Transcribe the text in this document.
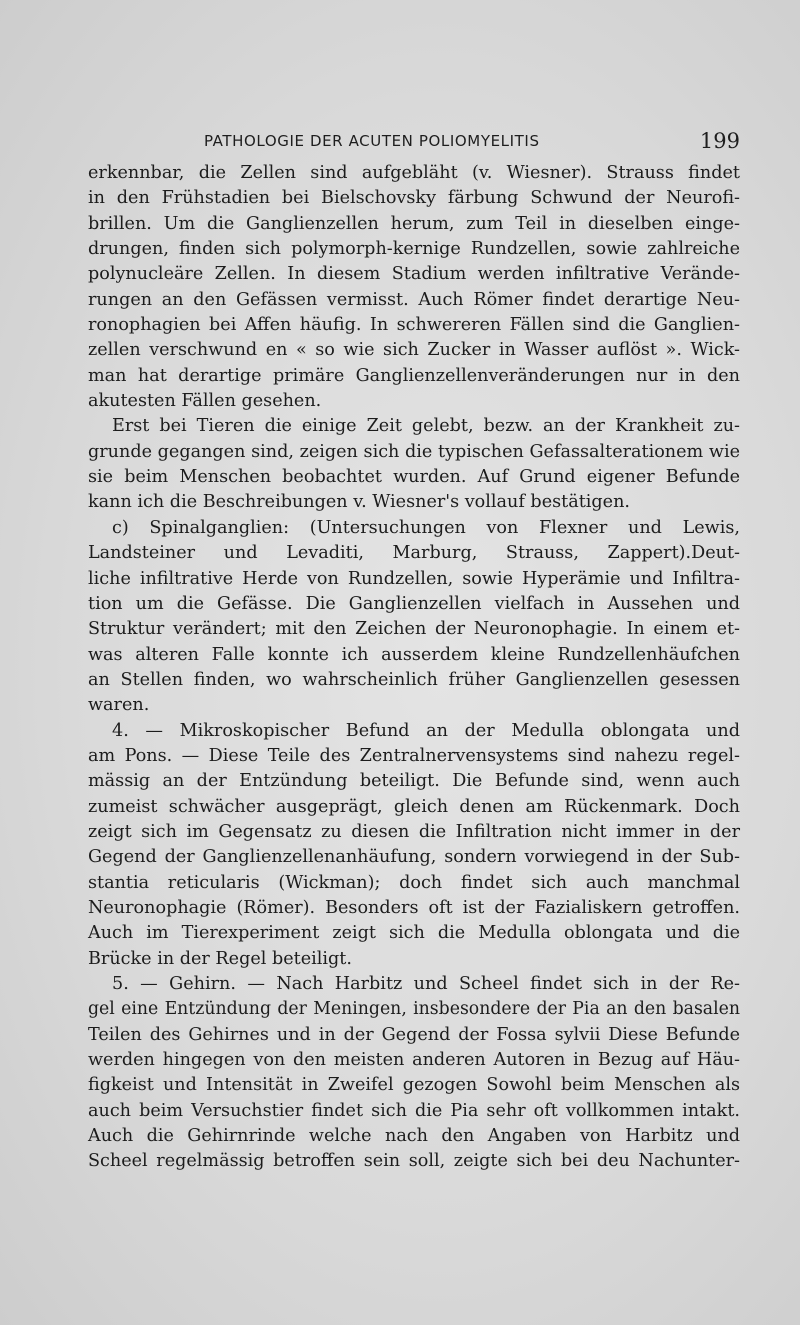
PATHOLOGIE DER ACUTEN POLIOMYELITIS	199
erkennbar, die Zellen sind aufgebläht (v. Wiesner). Strauss findet
in den Frühstadien bei Bielschovsky färbung Schwund der Neurofi-
brillen. Um die Ganglienzellen herum, zum Teil in dieselben einge-
drungen, finden sich polymorph-kernige Rundzellen, sowie zahlreiche
polynucleäre Zellen. In diesem Stadium werden infiltrative Verände-
rungen an den Gefässen vermisst. Auch Römer findet derartige Neu-
ronophagien bei Affen häufig. In schwereren Fällen sind die Ganglien-
zellen verschwund en « so wie sich Zucker in Wasser auflöst ». Wick-
man hat derartige primäre Ganglienzellenveränderungen nur in den
akutesten Fällen gesehen.
Erst bei Tieren die einige Zeit gelebt, bezw. an der Krankheit zu-
grunde gegangen sind, zeigen sich die typischen Gefassalterationem wie
sie beim Menschen beobachtet wurden. Auf Grund eigener Befunde
kann ich die Beschreibungen v. Wiesner's vollauf bestätigen.
c) Spinalganglien: (Untersuchungen von Flexner und Lewis,
Landsteiner und Levaditi, Marburg, Strauss, Zappert).Deut-
liche infiltrative Herde von Rundzellen, sowie Hyperämie und Infiltra-
tion um die Gefässe. Die Ganglienzellen vielfach in Aussehen und
Struktur verändert; mit den Zeichen der Neuronophagie. In einem et-
was alteren Falle konnte ich ausserdem kleine Rundzellenhäufchen
an Stellen finden, wo wahrscheinlich früher Ganglienzellen gesessen
waren.
4. — Mikroskopischer Befund an der Medulla oblongata und
am Pons. — Diese Teile des Zentralnervensystems sind nahezu regel-
mässig an der Entzündung beteiligt. Die Befunde sind, wenn auch
zumeist schwächer ausgeprägt, gleich denen am Rückenmark. Doch
zeigt sich im Gegensatz zu diesen die Infiltration nicht immer in der
Gegend der Ganglienzellenanhäufung, sondern vorwiegend in der Sub-
stantia reticularis (Wickman); doch findet sich auch manchmal
Neuronophagie (Römer). Besonders oft ist der Fazialiskern getroffen.
Auch im Tierexperiment zeigt sich die Medulla oblongata und die
Brücke in der Regel beteiligt.
5. — Gehirn. — Nach Harbitz und Scheel findet sich in der Re-
gel eine Entzündung der Meningen, insbesondere der Pia an den basalen
Teilen des Gehirnes und in der Gegend der Fossa sylvii Diese Befunde
werden hingegen von den meisten anderen Autoren in Bezug auf Häu-
figkeist und Intensität in Zweifel gezogen Sowohl beim Menschen als
auch beim Versuchstier findet sich die Pia sehr oft vollkommen intakt.
Auch die Gehirnrinde welche nach den Angaben von Harbitz und
Scheel regelmässig betroffen sein soll, zeigte sich bei deu Nachunter-
